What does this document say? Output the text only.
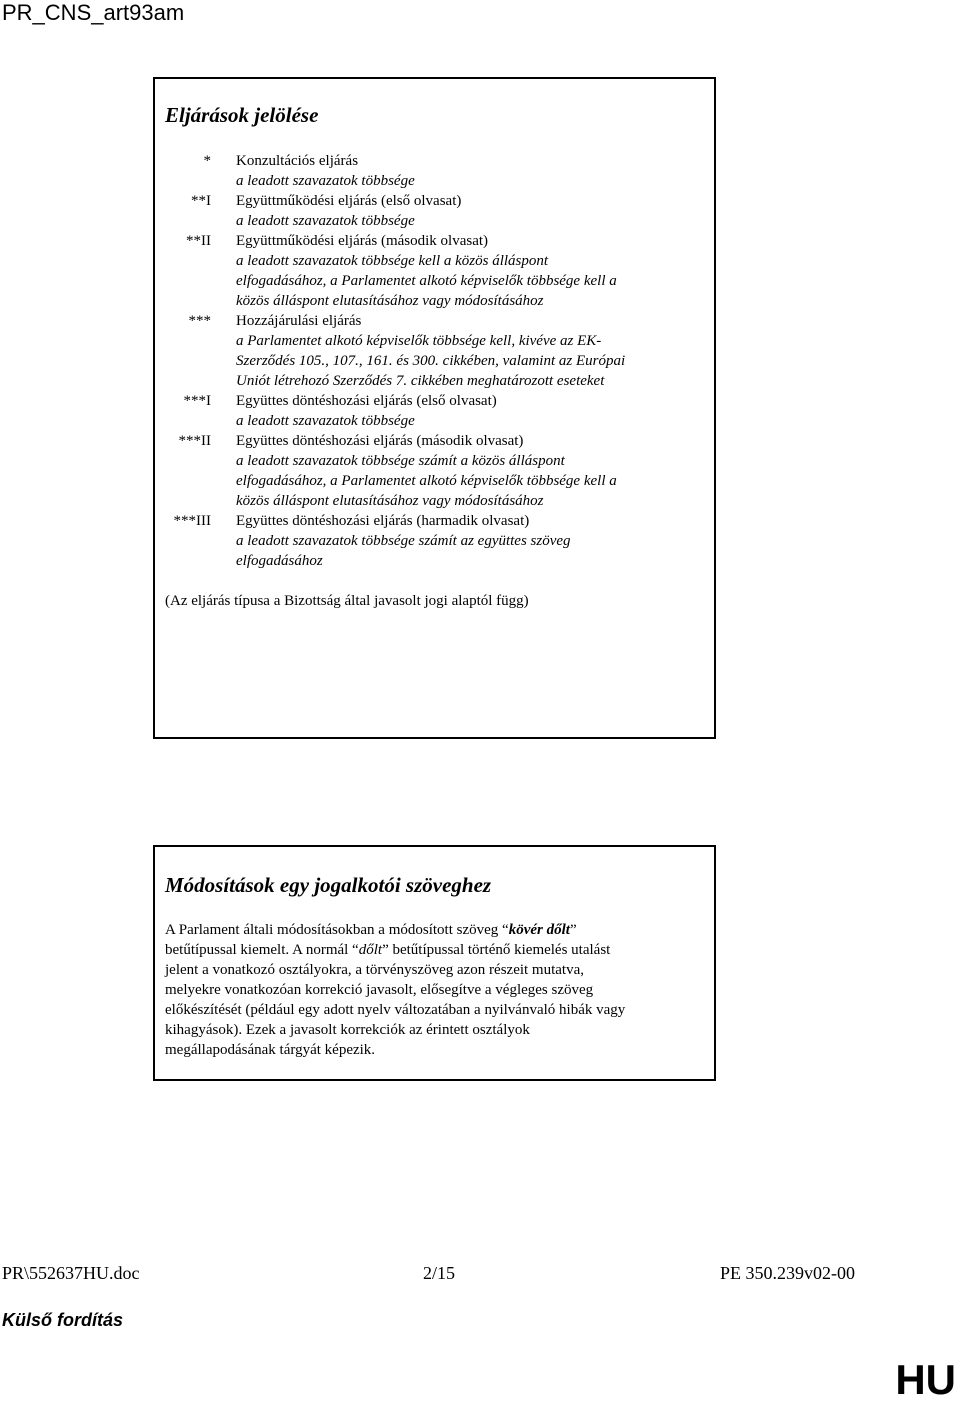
PR_CNS_art93am
Eljárások jelölése
* Konzultációs eljárás
a leadott szavazatok többsége
**I Együttműködési eljárás (első olvasat)
a leadott szavazatok többsége
**II Együttműködési eljárás (második olvasat)
a leadott szavazatok többsége kell a közös álláspont
elfogadásához, a Parlamentet alkotó képviselők többsége kell a
közös álláspont elutasításához vagy módosításához
*** Hozzájárulási eljárás
a Parlamentet alkotó képviselők többsége kell, kivéve az EK-
Szerződés 105., 107., 161. és 300. cikkében, valamint az Európai
Uniót létrehozó Szerződés 7. cikkében meghatározott eseteket
***I Együttes döntéshozási eljárás (első olvasat)
a leadott szavazatok többsége
***II Együttes döntéshozási eljárás (második olvasat)
a leadott szavazatok többsége számít a közös álláspont
elfogadásához, a Parlamentet alkotó képviselők többsége kell a
közös álláspont elutasításához vagy módosításához
***III Együttes döntéshozási eljárás (harmadik olvasat)
a leadott szavazatok többsége számít az együttes szöveg
elfogadásához
(Az eljárás típusa a Bizottság által javasolt jogi alaptól függ)
Módosítások egy jogalkotói szöveghez
A Parlament általi módosításokban a módosított szöveg “kövér dőlt”
betűtípussal kiemelt. A normál “dőlt” betűtípussal történő kiemelés utalást
jelent a vonatkozó osztályokra, a törvényszöveg azon részeit mutatva,
melyekre vonatkozóan korrekció javasolt, elősegítve a végleges szöveg
előkészítését (például egy adott nyelv változatában a nyilvánvaló hibák vagy
kihagyások). Ezek a javasolt korrekciók az érintett osztályok
megállapodásának tárgyát képezik.
PR\552637HU.doc	2/15	PE 350.239v02-00
Külső fordítás
HU
